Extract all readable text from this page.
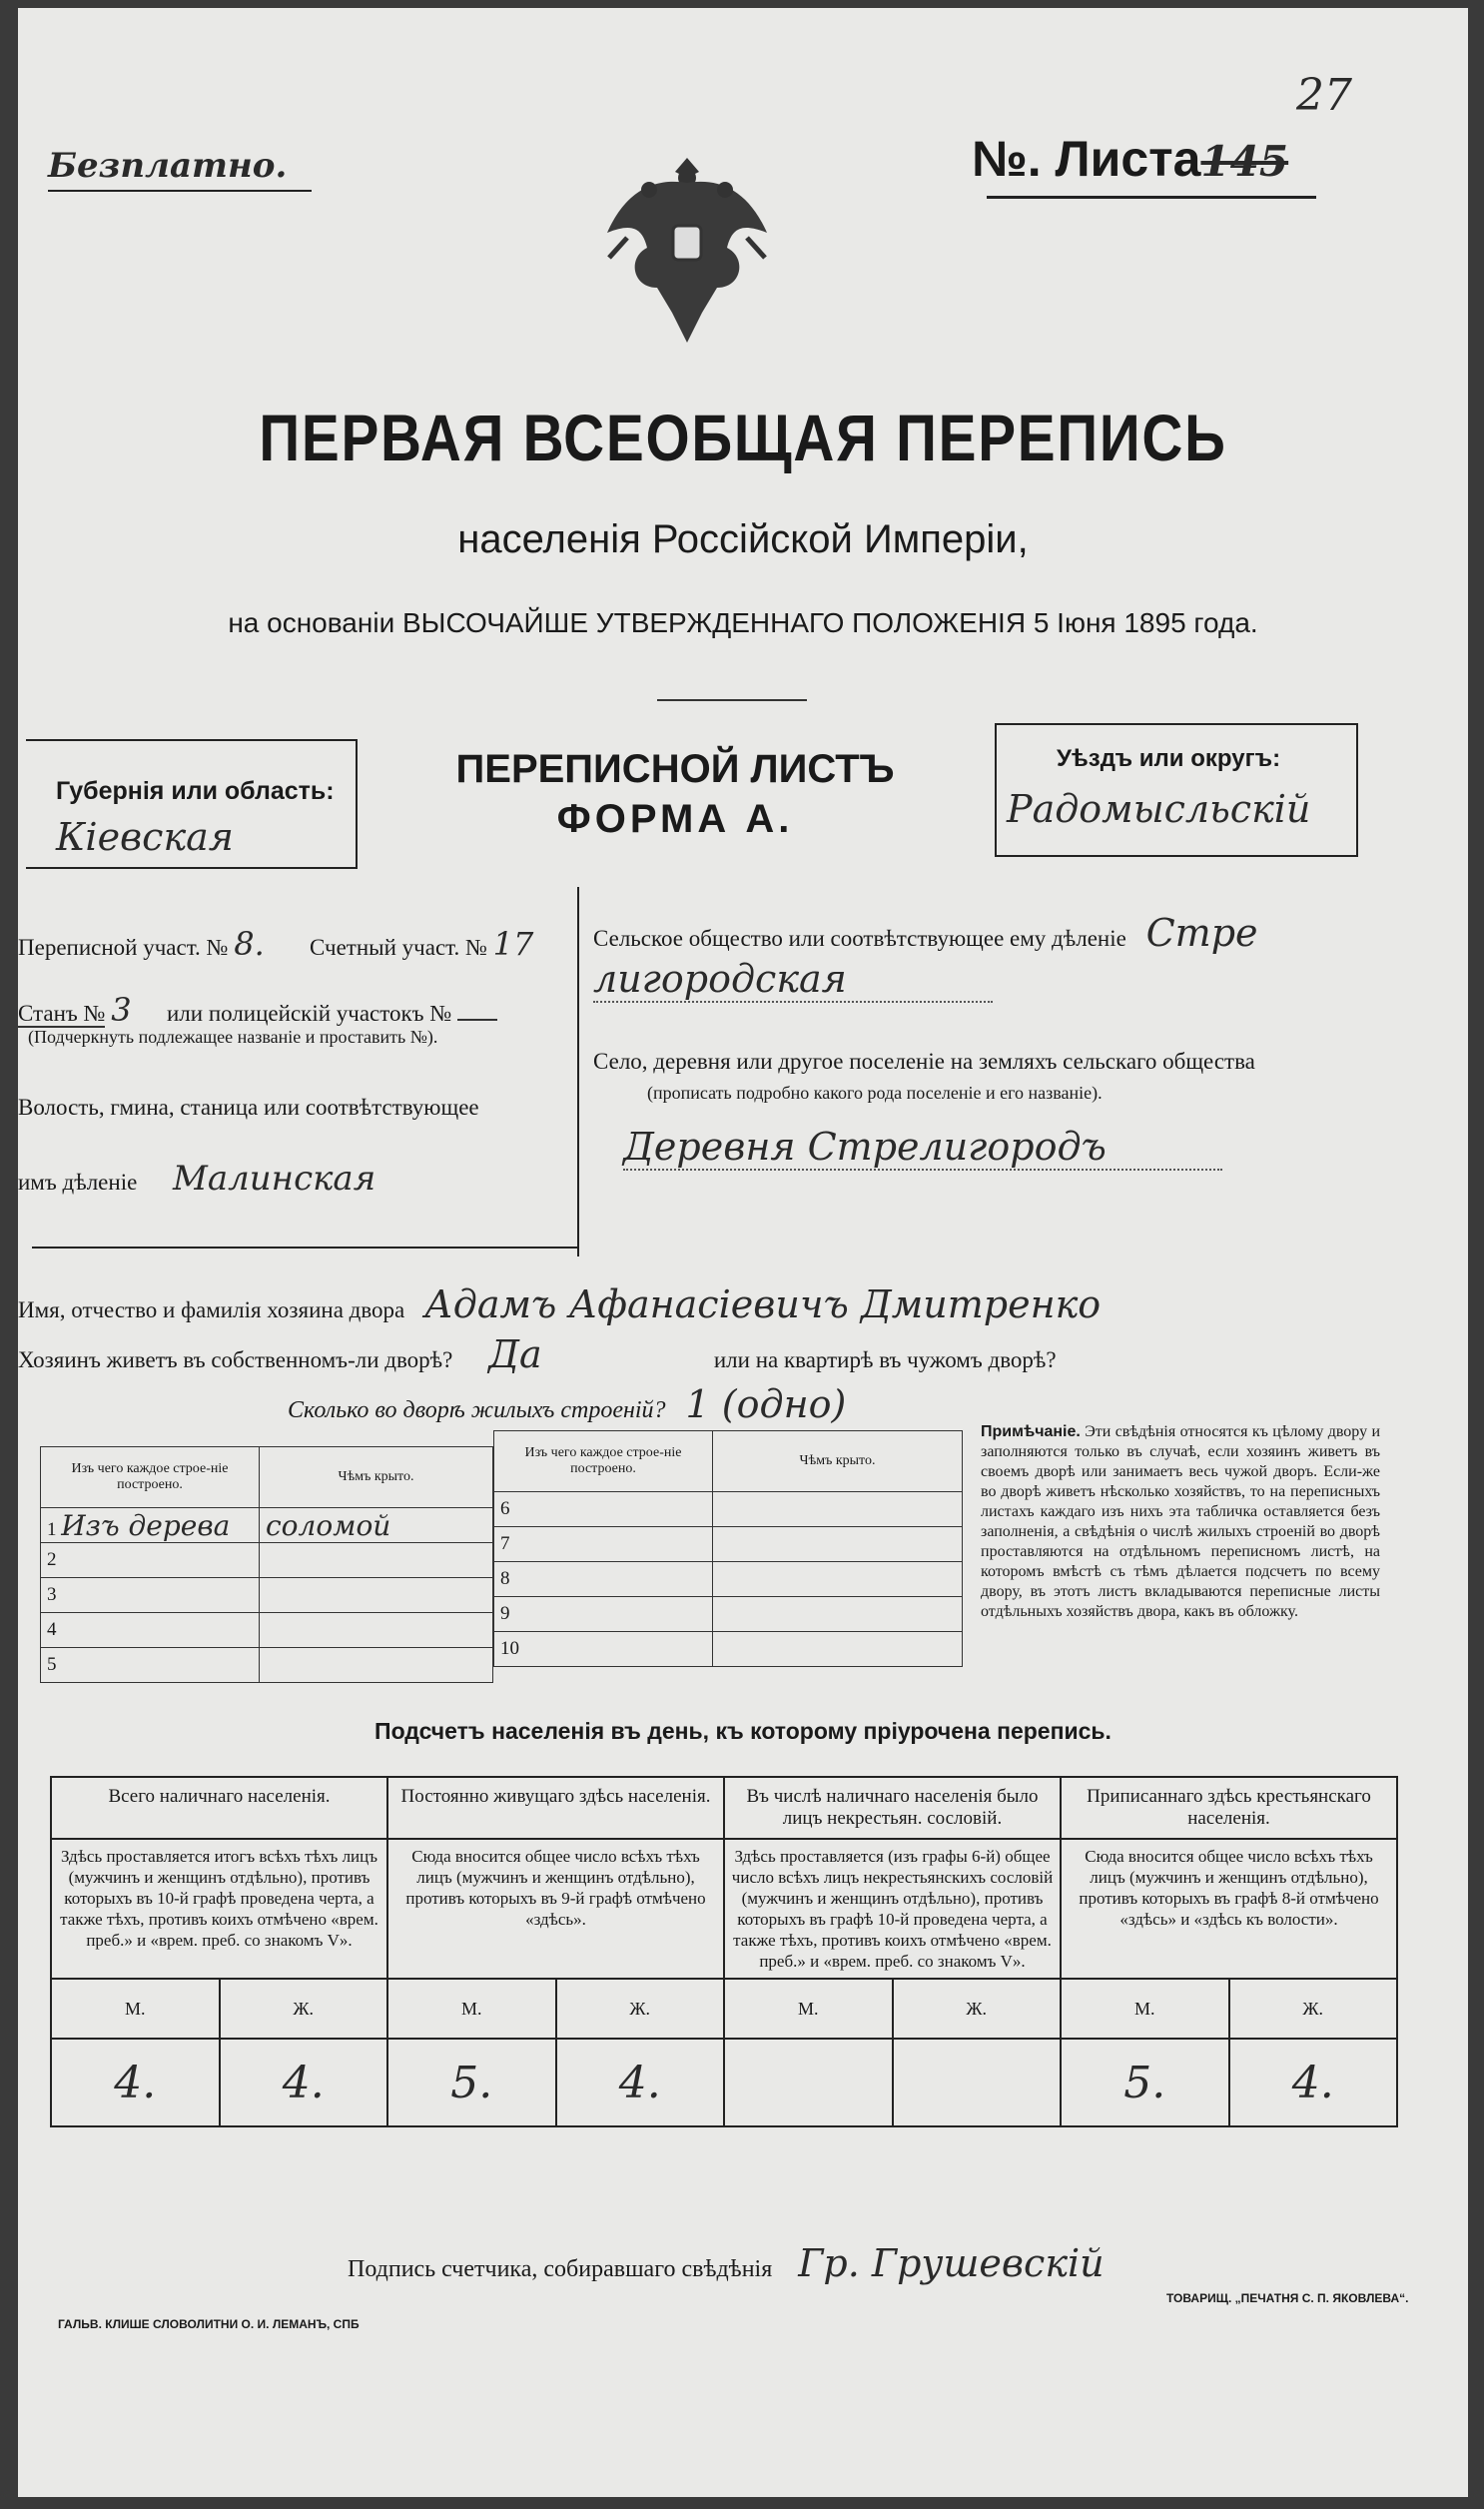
Безплатно.	№. Листа145
27
ПЕРВАЯ ВСЕОБЩАЯ ПЕРЕПИСЬ
населенія Россійской Имперіи,
на основаніи ВЫСОЧАЙШЕ УТВЕРЖДЕННАГО ПОЛОЖЕНІЯ 5 Іюня 1895 года.
Губернія или область:
Кіевская
ПЕРЕПИСНОЙ ЛИСТЪ
ФОРМА А.
Уѣздъ или округъ:
Радомысльскій
Переписной участ. № 8. Счетный участ. № 17
Станъ № 3 или полицейскій участокъ №
(Подчеркнуть подлежащее названіе и проставить №).
Волость, гмина, станица или соотвѣтствующее
имъ дѣленіе Малинская
Сельское общество или соотвѣтствующее ему дѣленіе Стре
лигородская
Село, деревня или другое поселеніе на земляхъ сельскаго общества
(прописать подробно какого рода поселеніе и его названіе).
Деревня Стрелигородъ
Имя, отчество и фамилія хозяина двора Адамъ Афанасіевичъ Дмитренко
Хозяинъ живетъ въ собственномъ-ли дворѣ? Да	или на квартирѣ въ чужомъ дворѣ?
Сколько во дворѣ жилыхъ строеній? 1 (одно)
Изъ чего каждое строе-ніе построено.	Чѣмъ крыто.
1 Изъ дерева	соломой
2	
3	
4	
5	
Изъ чего каждое строе-ніе построено.	Чѣмъ крыто.
6	
7	
8	
9	
10	
Примѣчаніе. Эти свѣдѣнія относятся къ цѣлому двору и заполняются только въ случаѣ, если хозяинъ живетъ въ своемъ дворѣ или занимаетъ весь чужой дворъ. Если-же во дворѣ живетъ нѣсколько хозяйствъ, то на переписныхъ листахъ каждаго изъ нихъ эта табличка оставляется безъ заполненія, а свѣдѣнія о числѣ жилыхъ строеній во дворѣ проставляются на отдѣльномъ переписномъ листѣ, на которомъ вмѣстѣ съ тѣмъ дѣлается подсчетъ по всему двору, въ этотъ листъ вкладываются переписные листы отдѣльныхъ хозяйствъ двора, какъ въ обложку.
Подсчетъ населенія въ день, къ которому пріурочена перепись.
Всего наличнаго населенія.		Постоянно живущаго здѣсь населенія.		Въ числѣ наличнаго населенія было лицъ некрестьян. сословій.		Приписаннаго здѣсь крестьянскаго населенія.	
Здѣсь проставляется итогъ всѣхъ тѣхъ лицъ (мужчинъ и женщинъ отдѣльно), противъ которыхъ въ 10-й графѣ проведена черта, а также тѣхъ, противъ коихъ отмѣчено «врем. преб.» и «врем. преб. со знакомъ V».		Сюда вносится общее число всѣхъ тѣхъ лицъ (мужчинъ и женщинъ отдѣльно), противъ которыхъ въ 9-й графѣ отмѣчено «здѣсь».		Здѣсь проставляется (изъ графы 6-й) общее число всѣхъ лицъ некрестьянскихъ сословій (мужчинъ и женщинъ отдѣльно), противъ которыхъ въ графѣ 10-й проведена черта, а также тѣхъ, противъ коихъ отмѣчено «врем. преб.» и «врем. преб. со знакомъ V».		Сюда вносится общее число всѣхъ тѣхъ лицъ (мужчинъ и женщинъ отдѣльно), противъ которыхъ въ графѣ 8-й отмѣчено «здѣсь» и «здѣсь къ волости».	
М.	Ж.	М.	Ж.	М.	Ж.	М.	Ж.
4.	4.	5.	4.			5.	4.
Подпись счетчика, собиравшаго свѣдѣнія Гр. Грушевскій
ГАЛЬВ. КЛИШЕ СЛОВОЛИТНИ О. И. ЛЕМАНЪ, СПБ
ТОВАРИЩ. „ПЕЧАТНЯ С. П. ЯКОВЛЕВА“.
